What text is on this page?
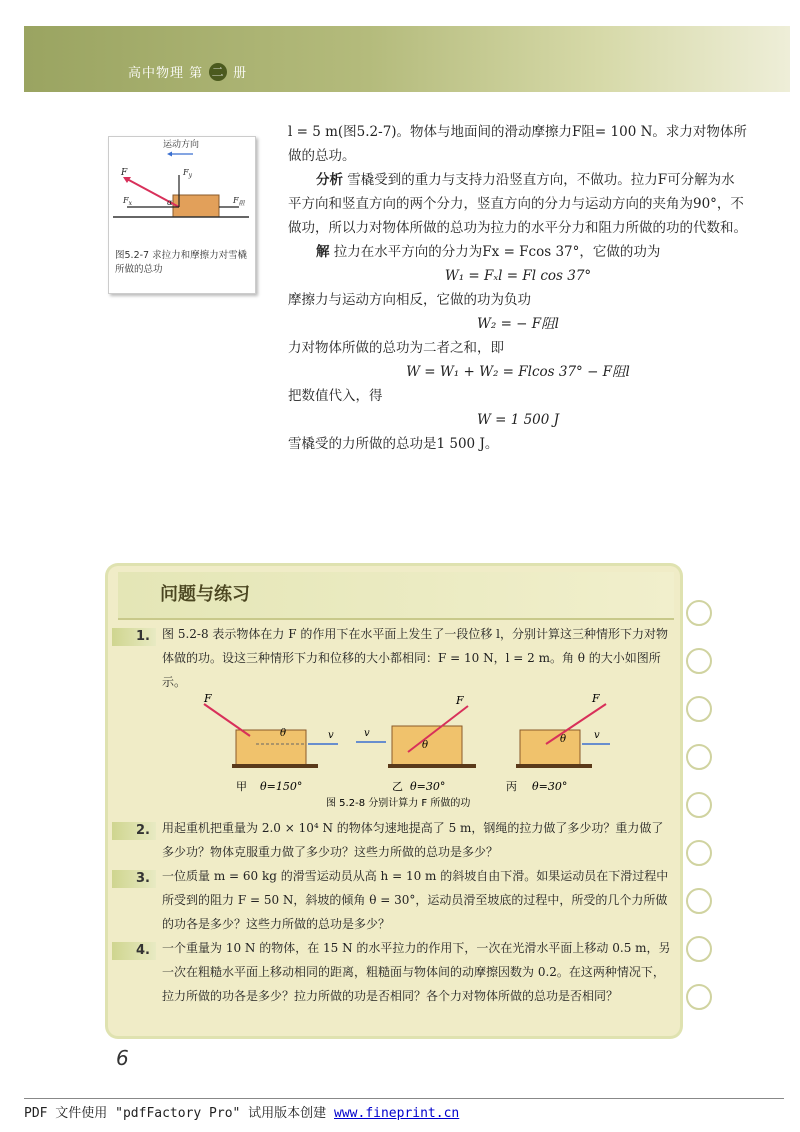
高中物理 第 二 册
运动方向
F	$F_y$
$F_x$	$F_阻$
α
图5.2-7 求拉力和摩擦力对雪橇所做的总功

l = 5 m(图5.2-7)。物体与地面间的滑动摩擦力F阻= 100 N。求力对物体所做的总功。

分析 雪橇受到的重力与支持力沿竖直方向，不做功。拉力F可分解为水平方向和竖直方向的两个分力，竖直方向的分力与运动方向的夹角为90°，不做功，所以力对物体所做的总功为拉力的水平分力和阻力所做的功的代数和。

解 拉力在水平方向的分力为Fx = Fcos 37°，它做的功为

W₁ = Fₓl = Fl cos 37°

摩擦力与运动方向相反，它做的功为负功

W₂ = − F阻l

力对物体所做的总功为二者之和，即

W = W₁ + W₂ = Flcos 37° − F阻l

把数值代入，得

W = 1 500 J

雪橇受的力所做的总功是1 500 J。

问题与练习
1.	图 5.2-8 表示物体在力 F 的作用下在水平面上发生了一段位移 l，分别计算这三种情形下力对物体做的功。设这三种情形下力和位移的大小都相同：F = 10 N，l = 2 m。角 θ 的大小如图所示。
F
θ	v
甲 θ=150°
F
θ
v
乙 θ=30°
F
θ	v
丙 θ=30°
图 5.2-8 分别计算力 F 所做的功
2.	用起重机把重量为 2.0 × 10⁴ N 的物体匀速地提高了 5 m，钢绳的拉力做了多少功？重力做了多少功？物体克服重力做了多少功？这些力所做的总功是多少？
3.	一位质量 m = 60 kg 的滑雪运动员从高 h = 10 m 的斜坡自由下滑。如果运动员在下滑过程中所受到的阻力 F = 50 N，斜坡的倾角 θ = 30°，运动员滑至坡底的过程中，所受的几个力所做的功各是多少？这些力所做的总功是多少？
4.	一个重量为 10 N 的物体，在 15 N 的水平拉力的作用下，一次在光滑水平面上移动 0.5 m，另一次在粗糙水平面上移动相同的距离，粗糙面与物体间的动摩擦因数为 0.2。在这两种情况下，拉力所做的功各是多少？拉力所做的功是否相同？各个力对物体所做的总功是否相同？
6
PDF 文件使用 "pdfFactory Pro" 试用版本创建 www.fineprint.cn
